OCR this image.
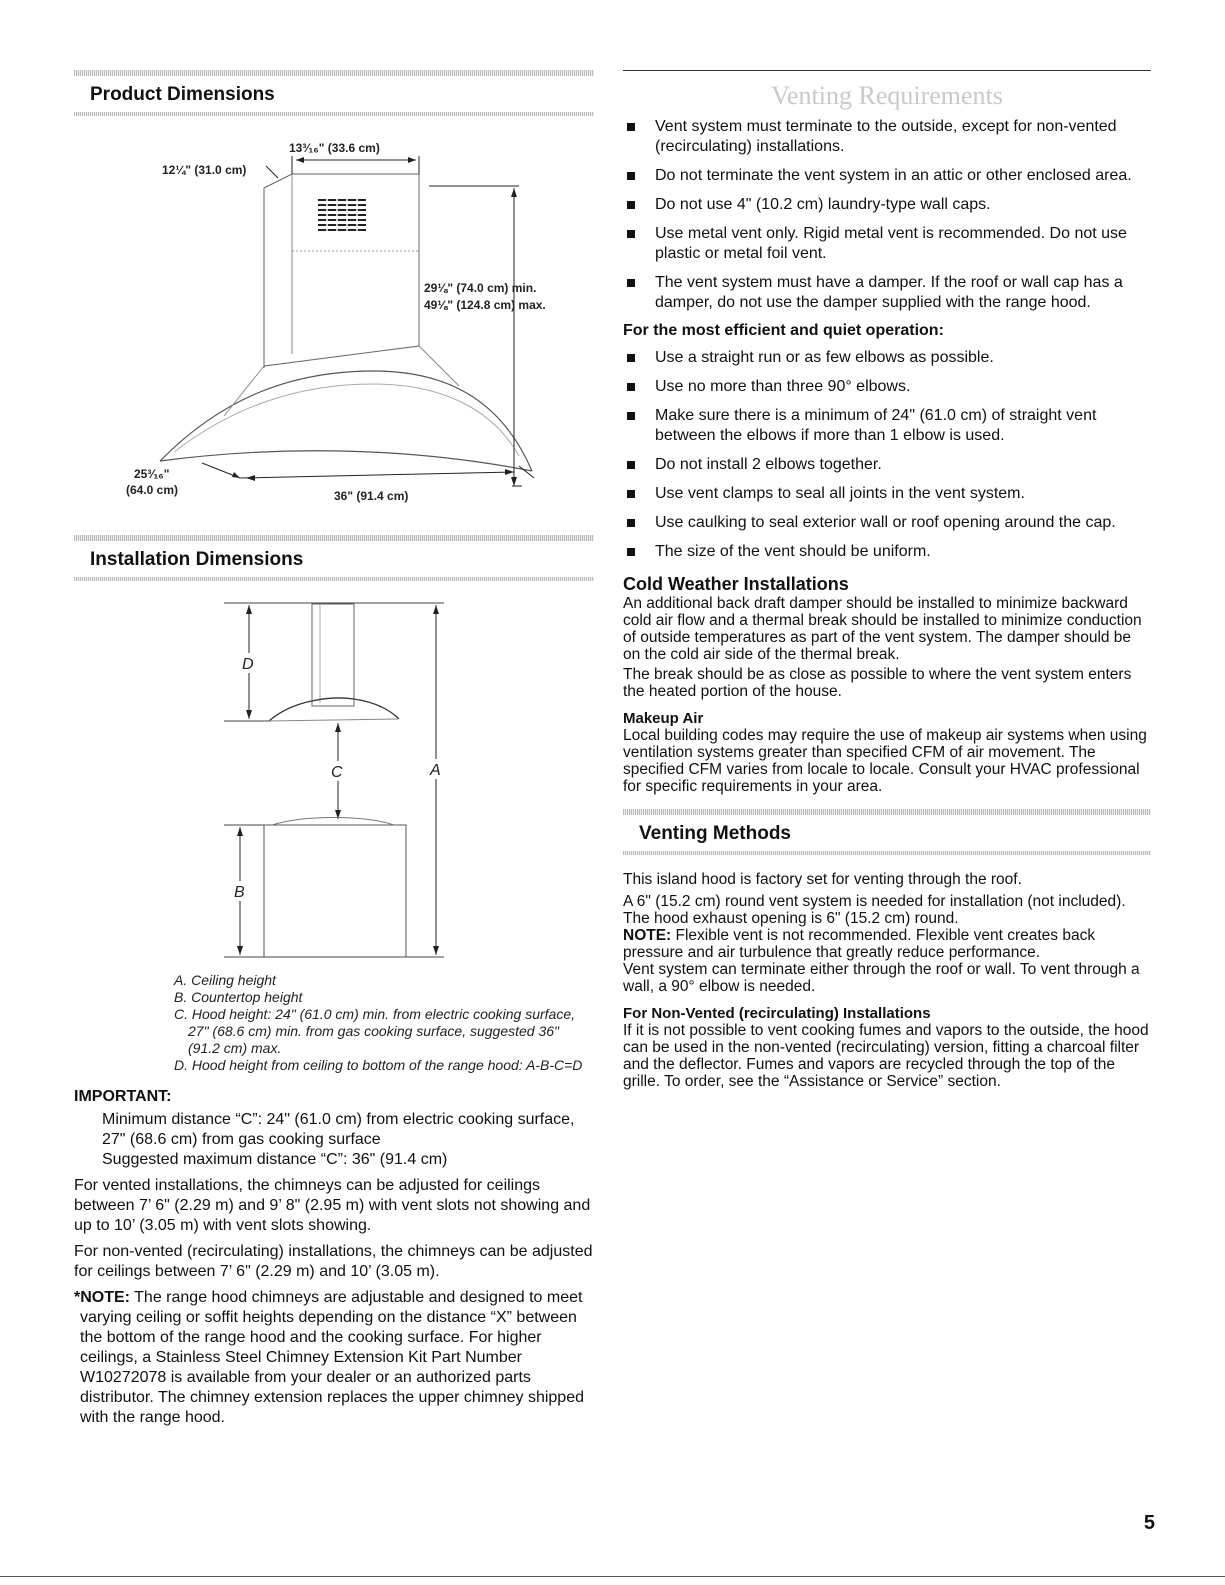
Product Dimensions
13³⁄₁₆" (33.6 cm)
12¼" (31.0 cm)
29⅛" (74.0 cm) min.
49⅛" (124.8 cm) max.
25³⁄₁₆"
(64.0 cm)	36" (91.4 cm)
Installation Dimensions
D
C
B
A
A. Ceiling height
B. Countertop height
C. Hood height: 24" (61.0 cm) min. from electric cooking surface, 27" (68.6 cm) min. from gas cooking surface, suggested 36" (91.2 cm) max.
D. Hood height from ceiling to bottom of the range hood: A-B-C=D
IMPORTANT:
Minimum distance “C”: 24" (61.0 cm) from electric cooking surface, 27" (68.6 cm) from gas cooking surface
Suggested maximum distance “C”: 36" (91.4 cm)
For vented installations, the chimneys can be adjusted for ceilings between 7’ 6" (2.29 m) and 9’ 8" (2.95 m) with vent slots not showing and up to 10’ (3.05 m) with vent slots showing.
For non-vented (recirculating) installations, the chimneys can be adjusted for ceilings between 7’ 6" (2.29 m) and 10’ (3.05 m).
*NOTE: The range hood chimneys are adjustable and designed to meet varying ceiling or soffit heights depending on the distance “X” between the bottom of the range hood and the cooking surface. For higher ceilings, a Stainless Steel Chimney Extension Kit Part Number W10272078 is available from your dealer or an authorized parts distributor. The chimney extension replaces the upper chimney shipped with the range hood.
Venting Requirements
Vent system must terminate to the outside, except for non-vented (recirculating) installations.
Do not terminate the vent system in an attic or other enclosed area.
Do not use 4" (10.2 cm) laundry-type wall caps.
Use metal vent only. Rigid metal vent is recommended. Do not use plastic or metal foil vent.
The vent system must have a damper. If the roof or wall cap has a damper, do not use the damper supplied with the range hood.
For the most efficient and quiet operation:
Use a straight run or as few elbows as possible.
Use no more than three 90° elbows.
Make sure there is a minimum of 24" (61.0 cm) of straight vent between the elbows if more than 1 elbow is used.
Do not install 2 elbows together.
Use vent clamps to seal all joints in the vent system.
Use caulking to seal exterior wall or roof opening around the cap.
The size of the vent should be uniform.
Cold Weather Installations
An additional back draft damper should be installed to minimize backward cold air flow and a thermal break should be installed to minimize conduction of outside temperatures as part of the vent system. The damper should be on the cold air side of the thermal break.
The break should be as close as possible to where the vent system enters the heated portion of the house.
Makeup Air
Local building codes may require the use of makeup air systems when using ventilation systems greater than specified CFM of air movement. The specified CFM varies from locale to locale. Consult your HVAC professional for specific requirements in your area.
Venting Methods
This island hood is factory set for venting through the roof.
A 6" (15.2 cm) round vent system is needed for installation (not included). The hood exhaust opening is 6" (15.2 cm) round.
NOTE: Flexible vent is not recommended. Flexible vent creates back pressure and air turbulence that greatly reduce performance.
Vent system can terminate either through the roof or wall. To vent through a wall, a 90° elbow is needed.
For Non-Vented (recirculating) Installations
If it is not possible to vent cooking fumes and vapors to the outside, the hood can be used in the non-vented (recirculating) version, fitting a charcoal filter and the deflector. Fumes and vapors are recycled through the top of the grille. To order, see the “Assistance or Service” section.
5
